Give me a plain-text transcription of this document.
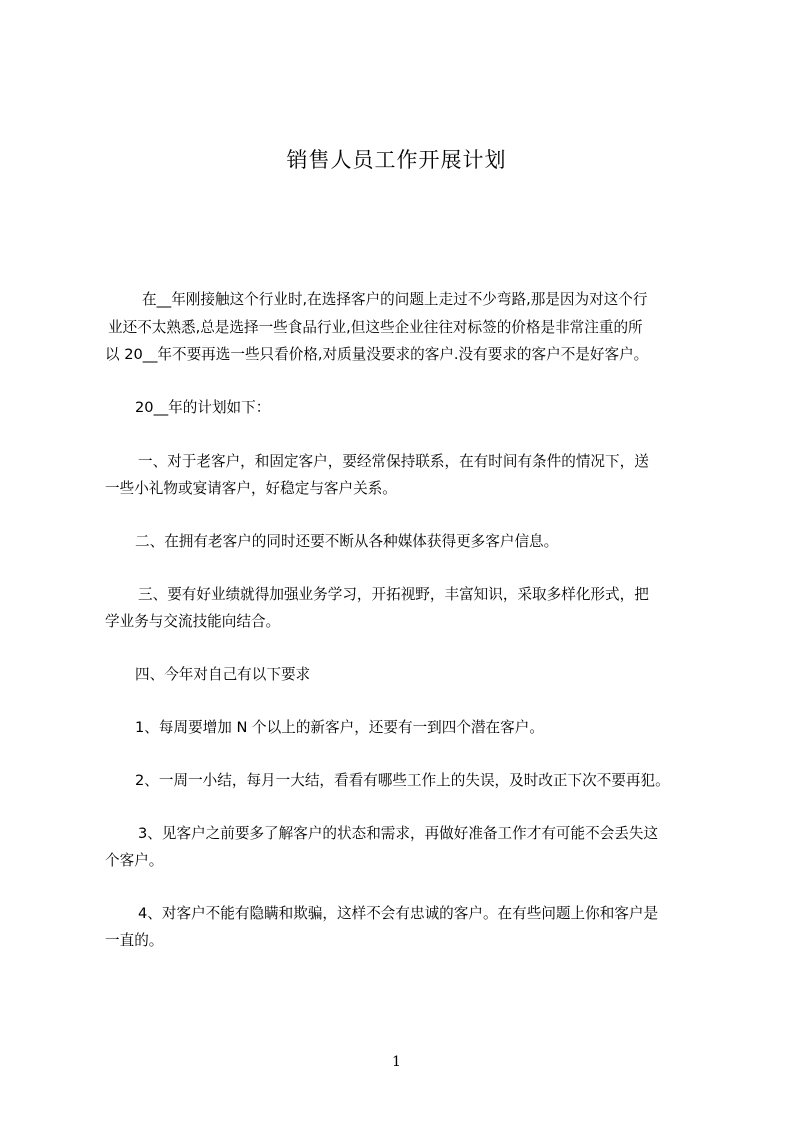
销售人员工作开展计划
在__年刚接触这个行业时,在选择客户的问题上走过不少弯路,那是因为对这个行
业还不太熟悉,总是选择一些食品行业,但这些企业往往对标签的价格是非常注重的所
以 20__年不要再选一些只看价格,对质量没要求的客户.没有要求的客户不是好客户。
20__年的计划如下：
一、对于老客户，和固定客户，要经常保持联系，在有时间有条件的情况下，送
一些小礼物或宴请客户，好稳定与客户关系。
二、在拥有老客户的同时还要不断从各种媒体获得更多客户信息。
三、要有好业绩就得加强业务学习，开拓视野，丰富知识，采取多样化形式，把
学业务与交流技能向结合。
四、今年对自己有以下要求
1、每周要增加 N 个以上的新客户，还要有一到四个潜在客户。
2、一周一小结，每月一大结，看看有哪些工作上的失误，及时改正下次不要再犯。
3、见客户之前要多了解客户的状态和需求，再做好准备工作才有可能不会丢失这
个客户。
4、对客户不能有隐瞒和欺骗，这样不会有忠诚的客户。在有些问题上你和客户是
一直的。
1
